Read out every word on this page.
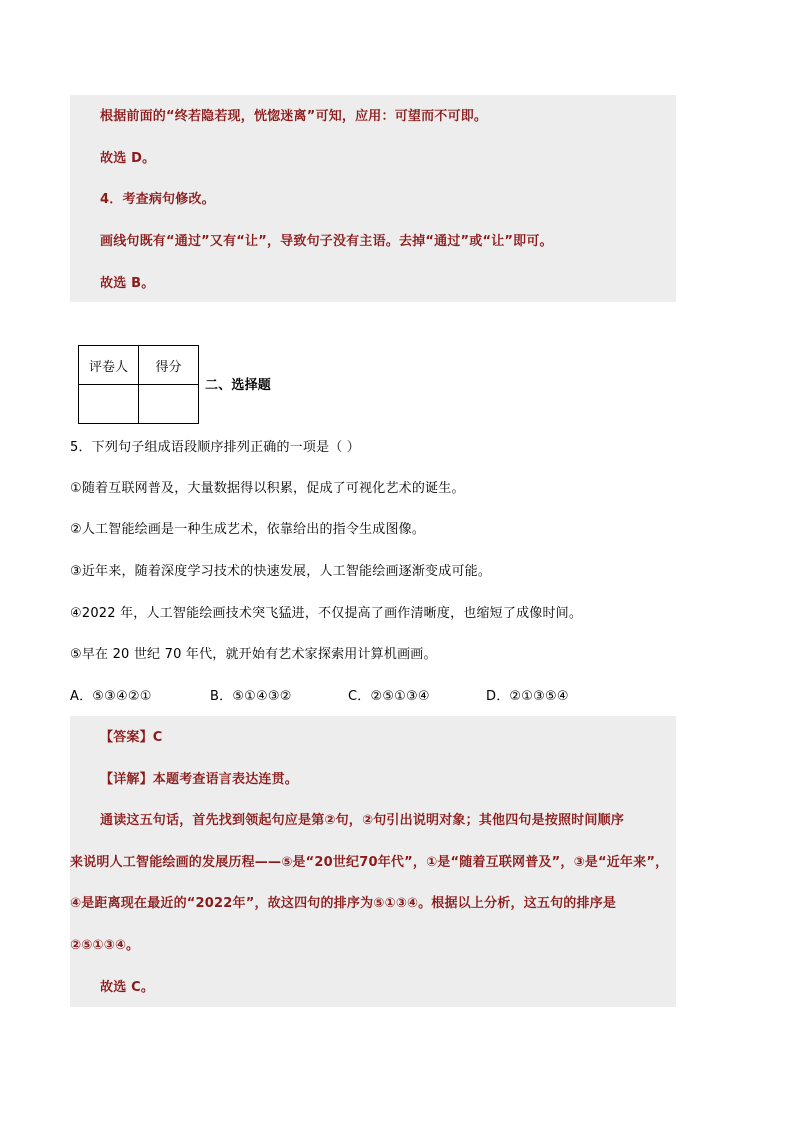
根据前面的“终若隐若现，恍惚迷离”可知，应用：可望而不可即。
故选 D。
4．考查病句修改。
画线句既有“通过”又有“让”，导致句子没有主语。去掉“通过”或“让”即可。
故选 B。
评卷人	得分

二、选择题
5．下列句子组成语段顺序排列正确的一项是（ ）
①随着互联网普及，大量数据得以积累，促成了可视化艺术的诞生。
②人工智能绘画是一种生成艺术，依靠给出的指令生成图像。
③近年来，随着深度学习技术的快速发展，人工智能绘画逐渐变成可能。
④2022 年，人工智能绘画技术突飞猛进，不仅提高了画作清晰度，也缩短了成像时间。
⑤早在 20 世纪 70 年代，就开始有艺术家探索用计算机画画。
A．⑤③④②①	B．⑤①④③②	C．②⑤①③④	D．②①③⑤④
【答案】C
【详解】本题考查语言表达连贯。
通读这五句话，首先找到领起句应是第②句，②句引出说明对象；其他四句是按照时间顺序
来说明人工智能绘画的发展历程——⑤是“20世纪70年代”，①是“随着互联网普及”，③是“近年来”，
④是距离现在最近的“2022年”，故这四句的排序为⑤①③④。根据以上分析，这五句的排序是
②⑤①③④。
故选 C。
